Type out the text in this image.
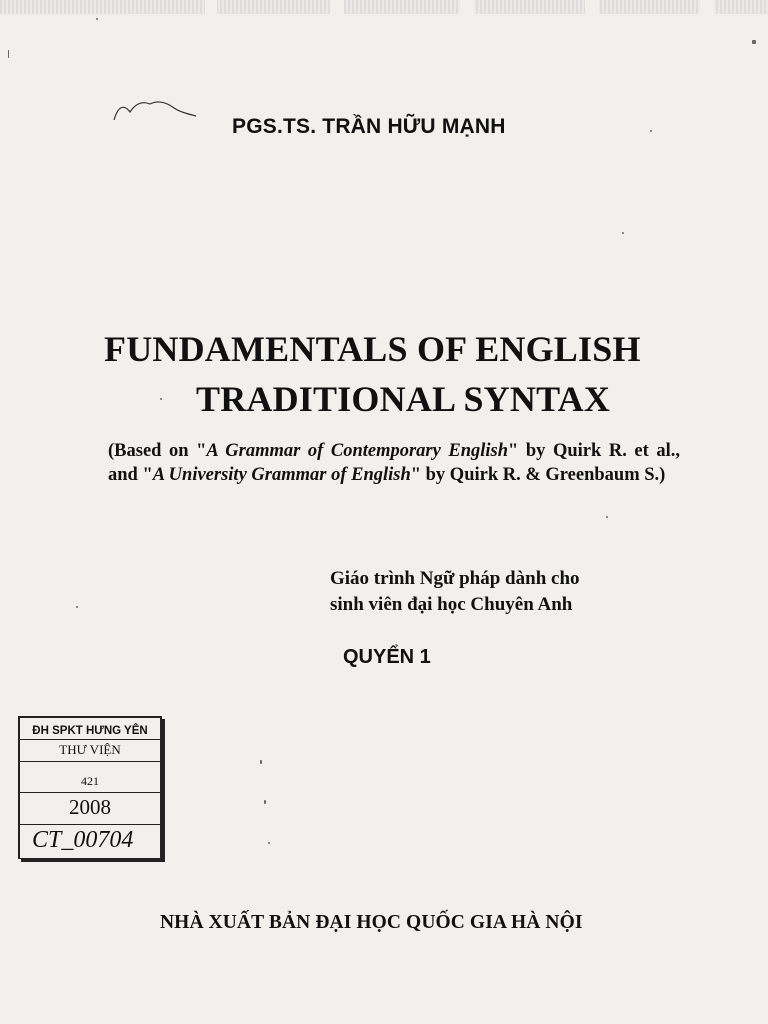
PGS.TS. TRẦN HỮU MẠNH
FUNDAMENTALS OF ENGLISH
TRADITIONAL SYNTAX
(Based on "A Grammar of Contemporary English" by Quirk R. et al., and "A University Grammar of English" by Quirk R. & Greenbaum S.)
Giáo trình Ngữ pháp dành cho
sinh viên đại học Chuyên Anh
QUYỂN 1
ĐH SPKT HƯNG YÊN
THƯ VIỆN
421
2008
CT_00704
NHÀ XUẤT BẢN ĐẠI HỌC QUỐC GIA HÀ NỘI
